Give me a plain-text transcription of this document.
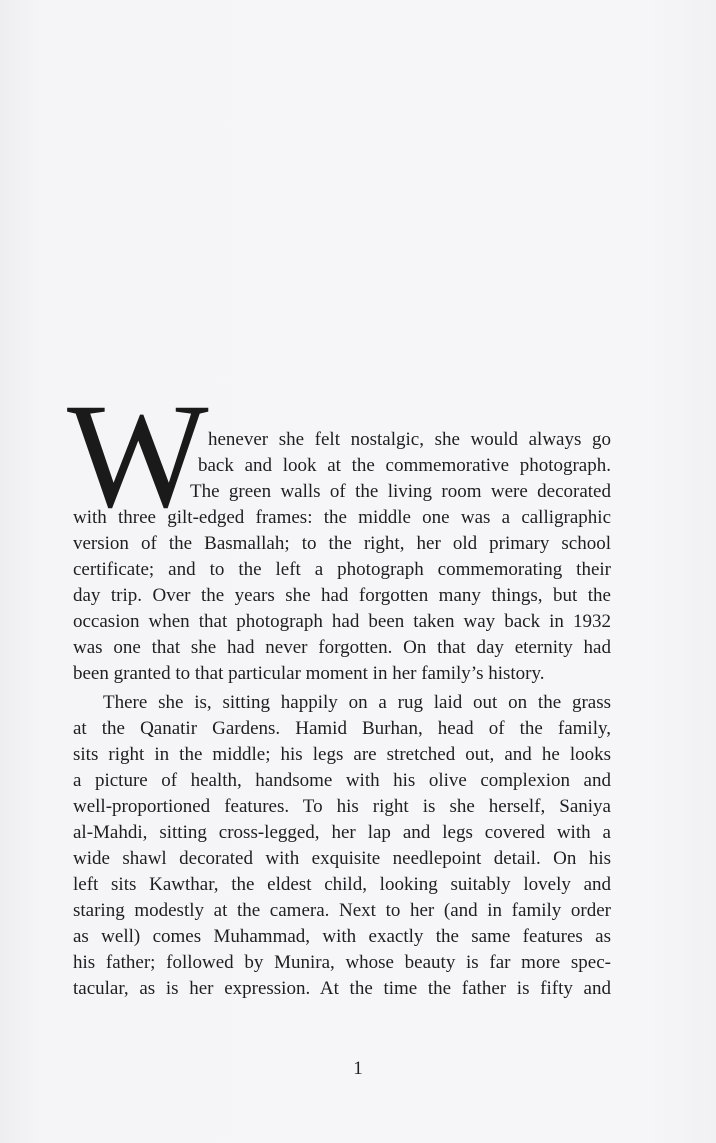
W henever she felt nostalgic, she would always go
back and look at the commemorative photograph.
The green walls of the living room were decorated
with three gilt-edged frames: the middle one was a calligraphic
version of the Basmallah; to the right, her old primary school
certificate; and to the left a photograph commemorating their
day trip. Over the years she had forgotten many things, but the
occasion when that photograph had been taken way back in 1932
was one that she had never forgotten. On that day eternity had
been granted to that particular moment in her family’s history.
There she is, sitting happily on a rug laid out on the grass
at the Qanatir Gardens. Hamid Burhan, head of the family,
sits right in the middle; his legs are stretched out, and he looks
a picture of health, handsome with his olive complexion and
well-proportioned features. To his right is she herself, Saniya
al-Mahdi, sitting cross-legged, her lap and legs covered with a
wide shawl decorated with exquisite needlepoint detail. On his
left sits Kawthar, the eldest child, looking suitably lovely and
staring modestly at the camera. Next to her (and in family order
as well) comes Muhammad, with exactly the same features as
his father; followed by Munira, whose beauty is far more spec-
tacular, as is her expression. At the time the father is fifty and
1
